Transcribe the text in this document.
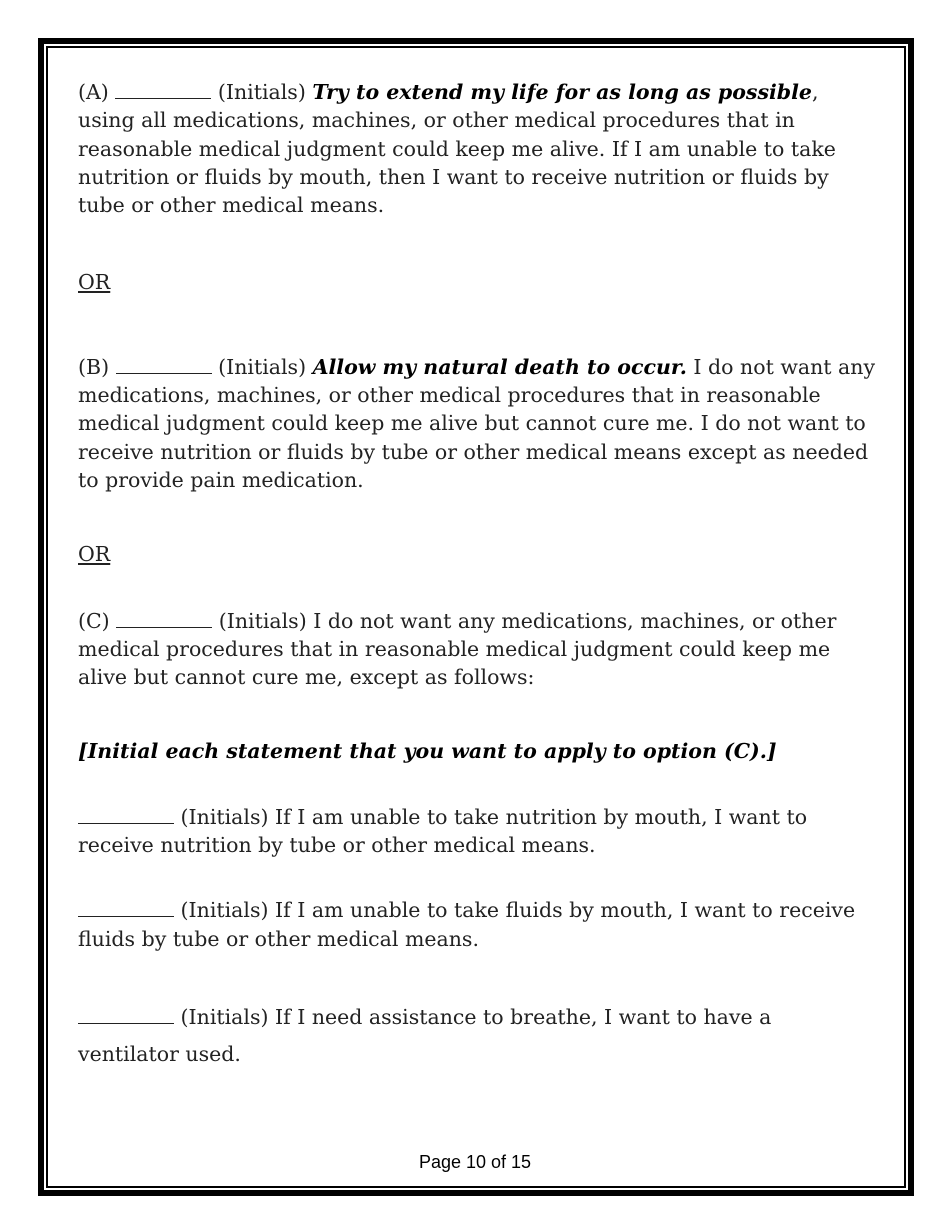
(A)	(Initials) Try to extend my life for as long as possible, using all medications, machines, or other medical procedures that in reasonable medical judgment could keep me alive. If I am unable to take nutrition or fluids by mouth, then I want to receive nutrition or fluids by tube or other medical means.

OR

(B)	(Initials) Allow my natural death to occur. I do not want any medications, machines, or other medical procedures that in reasonable medical judgment could keep me alive but cannot cure me. I do not want to receive nutrition or fluids by tube or other medical means except as needed to provide pain medication.

OR

(C)	(Initials) I do not want any medications, machines, or other medical procedures that in reasonable medical judgment could keep me alive but cannot cure me, except as follows:

[Initial each statement that you want to apply to option (C).]

(Initials) If I am unable to take nutrition by mouth, I want to receive nutrition by tube or other medical means.

(Initials) If I am unable to take fluids by mouth, I want to receive fluids by tube or other medical means.

(Initials) If I need assistance to breathe, I want to have a ventilator used.

Page 10 of 15
